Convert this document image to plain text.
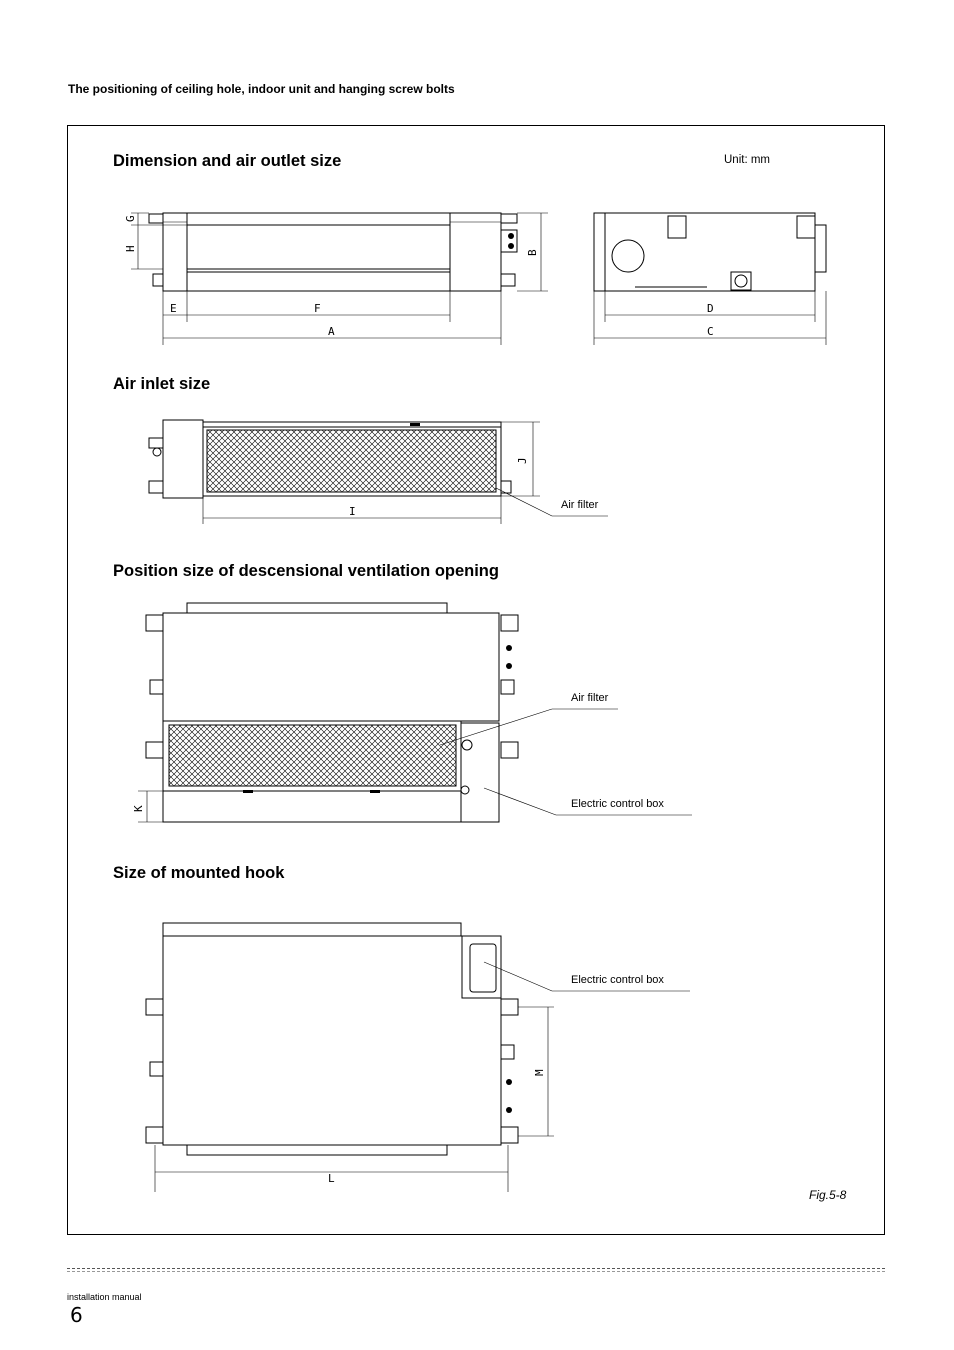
The positioning of ceiling hole, indoor unit and hanging screw bolts
Dimension and air outlet size	Unit: mm
Air inlet size
Air filter
Position size of descensional ventilation opening
Air filter
Electric control box
Size of mounted hook
Electric control box
Fig.5-8
E	F
A
B
G
H
D
C
I
J
K
L
M
installation manual
6
